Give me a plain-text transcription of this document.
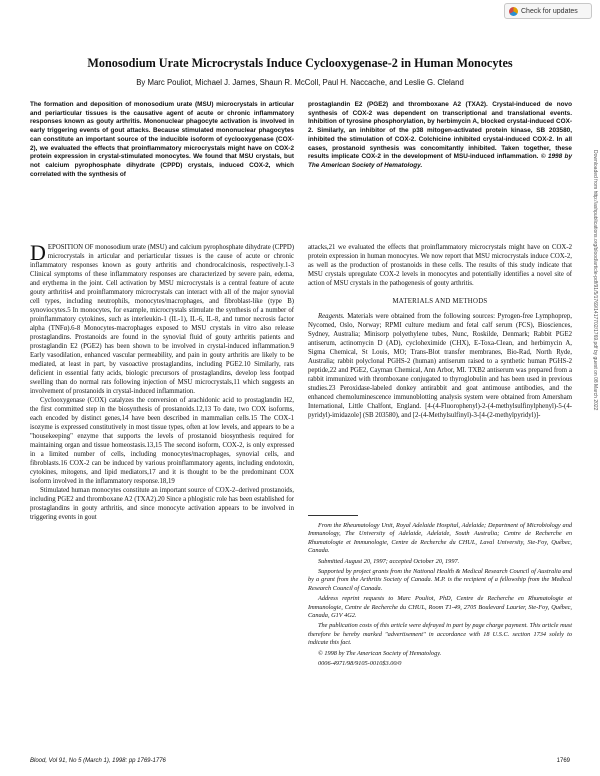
Check for updates
Downloaded from http://ashpublications.org/blood/article-pdf/91/5/1769/1417702/1769.pdf by guest on 08 March 2022
Monosodium Urate Microcrystals Induce Cyclooxygenase-2 in Human Monocytes
By Marc Pouliot, Michael J. James, Shaun R. McColl, Paul H. Naccache, and Leslie G. Cleland
The formation and deposition of monosodium urate (MSU) microcrystals in articular and periarticular tissues is the causative agent of acute or chronic inflammatory responses known as gouty arthritis. Mononuclear phagocyte activation is involved in early triggering events of gout attacks. Because stimulated mononuclear phagocytes can constitute an important source of the inducible isoform of cyclooxygenase (COX-2), we evaluated the effects that proinflammatory microcrystals might have on COX-2 protein expression in crystal-stimulated monocytes. We found that MSU crystals, but not calcium pyrophosphate dihydrate (CPPD) crystals, induced COX-2, which correlated with the synthesis of
prostaglandin E2 (PGE2) and thromboxane A2 (TXA2). Crystal-induced de novo synthesis of COX-2 was dependent on transcriptional and translational events. Inhibition of tyrosine phosphorylation, by herbimycin A, blocked crystal-induced COX-2. Similarly, an inhibitor of the p38 mitogen-activated protein kinase, SB 203580, inhibited the stimulation of COX-2. Colchicine inhibited crystal-induced COX-2. In all cases, prostanoid synthesis was concomitantly inhibited. Taken together, these results implicate COX-2 in the development of MSU-induced inflammation. © 1998 by The American Society of Hematology.

DEPOSITION OF monosodium urate (MSU) and calcium pyrophosphate dihydrate (CPPD) microcrystals in articular and periarticular tissues is the cause of acute or chronic inflammatory responses known as gouty arthritis and chondrocalcinosis, respectively.1-3 Clinical symptoms of these inflammatory responses are characterized by severe pain, edema, and erythema in the joint. Cell activation by MSU microcrystals is a central feature of acute gouty arthritis4 and proinflammatory microcrystals can interact with all of the major synovial cell types, including neutrophils, monocytes/macrophages, and fibroblast-like (type B) synoviocytes.5 In monocytes, for example, microcrystals stimulate the synthesis of a number of proinflammatory cytokines, such as interleukin-1 (IL-1), IL-6, IL-8, and tumor necrosis factor alpha (TNFα).6-8 Monocytes-macrophages exposed to MSU crystals in vitro also release prostaglandins. Prostanoids are found in the synovial fluid of gouty arthritis patients and prostaglandin E2 (PGE2) has been shown to be involved in crystal-induced inflammation.9 Early vasodilation, enhanced vascular permeability, and pain in gouty arthritis are likely to be mediated, at least in part, by vasoactive prostaglandins, including PGE2.10 Similarly, rats deficient in essential fatty acids, biologic precursors of prostaglandins, develop less footpad swelling than do normal rats following injection of MSU microcrystals,11 which suggests an involvement of prostanoids in crystal-induced inflammation.

Cyclooxygenase (COX) catalyzes the conversion of arachidonic acid to prostaglandin H2, the first committed step in the biosynthesis of prostanoids.12,13 To date, two COX isoforms, each encoded by distinct genes,14 have been described in mammalian cells.15 The COX-1 isozyme is expressed constitutively in most tissue types, often at low levels, and appears to be a "housekeeping" enzyme that supports the levels of prostanoid biosynthesis required for maintaining organ and tissue homeostasis.13,15 The second isoform, COX-2, is only expressed in a limited number of cells, including monocytes/macrophages, synovial cells, and fibroblasts.16 COX-2 can be induced by various proinflammatory agents, including endotoxin, cytokines, mitogens, and lipid mediators,17 and it is thought to be the predominant COX isoform involved in the inflammatory response.18,19

Stimulated human monocytes constitute an important source of COX-2–derived prostanoids, including PGE2 and thromboxane A2 (TXA2).20 Since a phlogistic role has been established for prostaglandins in gouty arthritis, and since monocyte activation appears to be involved in triggering events in gout

attacks,21 we evaluated the effects that proinflammatory microcrystals might have on COX-2 protein expression in human monocytes. We now report that MSU microcrystals induce COX-2, as well as the production of prostanoids in these cells. The results of this study indicate that MSU crystals upregulate COX-2 levels in monocytes and potentially identifies a novel site of action of MSU crystals in the pathogenesis of gouty arthritis.

MATERIALS AND METHODS

Reagents. Materials were obtained from the following sources: Pyrogen-free Lymphoprep, Nycomed, Oslo, Norway; RPMI culture medium and fetal calf serum (FCS), Biosciences, Sydney, Australia; Minisorp polyethylene tubes, Nunc, Roskilde, Denmark; Rabbit PGE2 antiserum, actinomycin D (AD), cycloheximide (CHX), E-Toxa-Clean, and herbimycin A, Sigma Chemical, St Louis, MO; Trans-Blot transfer membranes, Bio-Rad, North Ryde, Australia; rabbit polyclonal PGHS-2 (human) antiserum raised to a synthetic human PGHS-2 peptide,22 and PGE2, Cayman Chemical, Ann Arbor, MI. TXB2 antiserum was prepared from a rabbit immunized with thromboxane conjugated to thyroglobulin and has been used in previous studies.23 Peroxidase-labeled donkey antirabbit and goat antimouse antibodies, and the enhanced chemoluminescence immunoblotting analysis system were obtained from Amersham International, Little Chalfont, England. [4-(4-Fluorophenyl)-2-(4-methylsulfinylphenyl)-5-(4-pyridyl)-imidazole] (SB 203580), and [2-(4-Methylsulfinyl)-3-[4-(2-methylpyridyl)]-

From the Rheumatology Unit, Royal Adelaide Hospital, Adelaide; Department of Microbiology and Immunology, The University of Adelaide, Adelaide, South Australia; Centre de Recherche en Rhumatologie et Immunologie, Centre de Recherche du CHUL, Laval University, Ste-Foy, Québec, Canada.

Submitted August 20, 1997; accepted October 20, 1997.

Supported by project grants from the National Health & Medical Research Council of Australia and by a grant from the Arthritis Society of Canada. M.P. is the recipient of a fellowship from the Medical Research Council of Canada.

Address reprint requests to Marc Pouliot, PhD, Centre de Recherche en Rhumatologie et Immunologie, Centre de Recherche du CHUL, Room T1-49, 2705 Boulevard Laurier, Ste-Foy, Québec, Canada, G1V 4G2.

The publication costs of this article were defrayed in part by page charge payment. This article must therefore be hereby marked "advertisement" in accordance with 18 U.S.C. section 1734 solely to indicate this fact.

© 1998 by The American Society of Hematology.

0006-4971/98/9105-0010$3.00/0

Blood, Vol 91, No 5 (March 1), 1998: pp 1769-1776	1769
